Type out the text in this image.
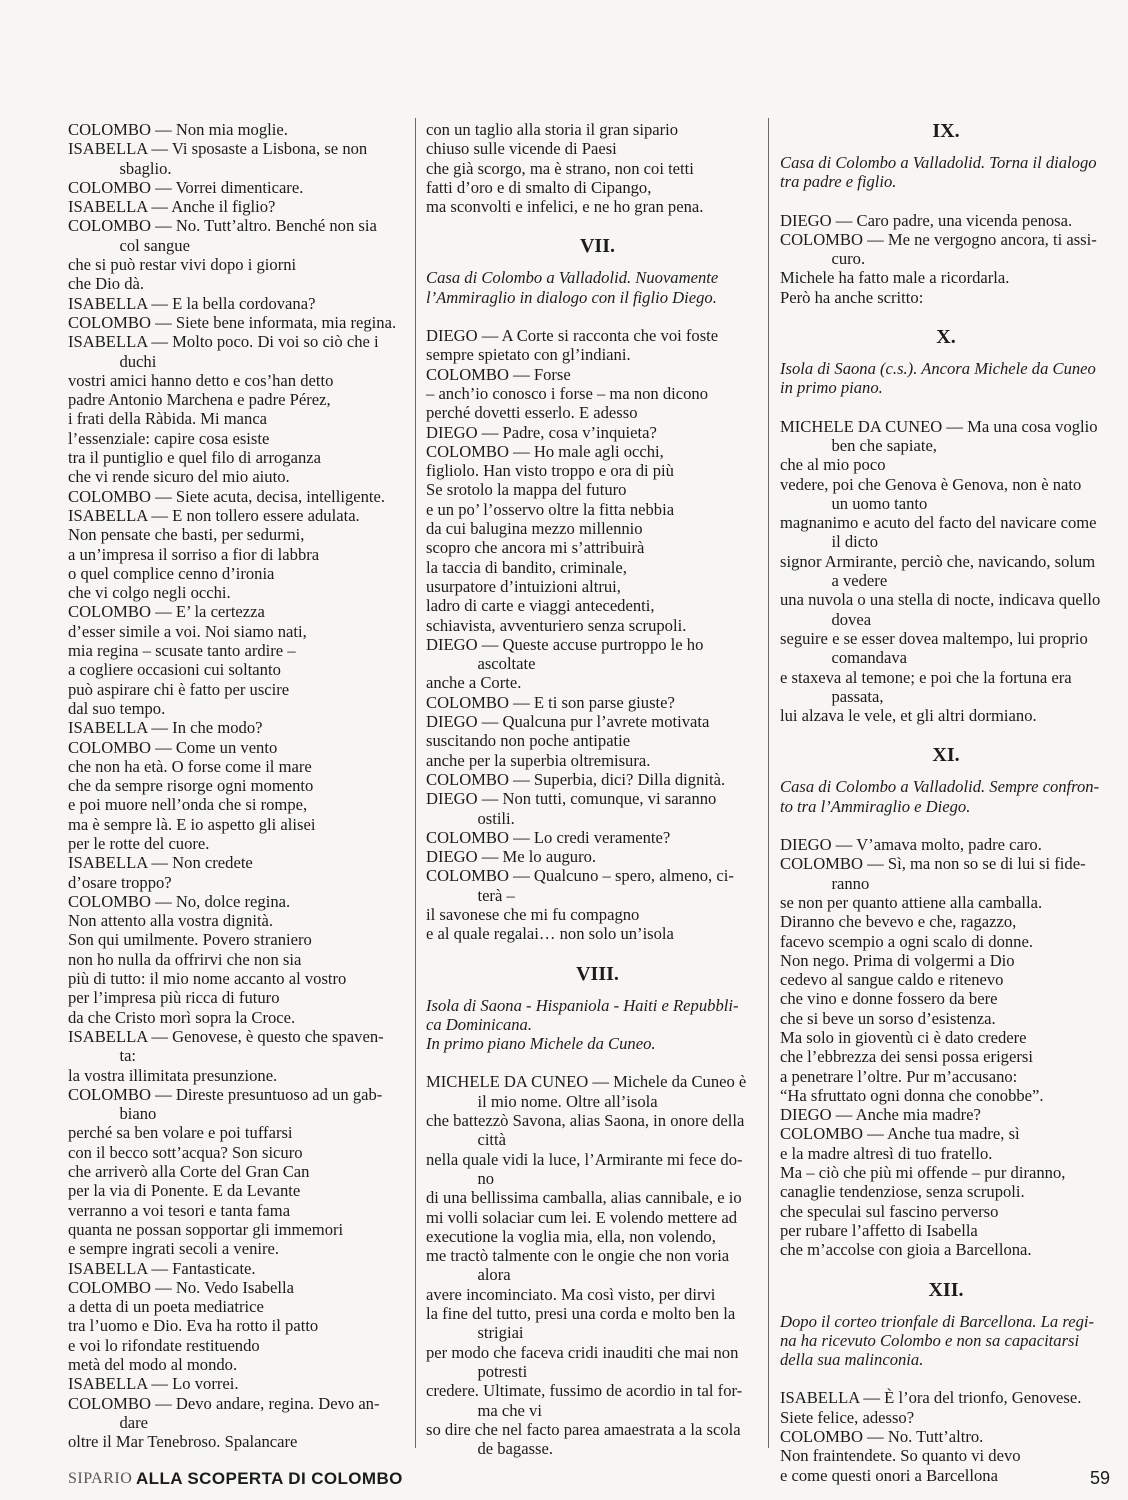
COLOMBO — Non mia moglie.
ISABELLA — Vi sposaste a Lisbona, se non
sbaglio.
COLOMBO — Vorrei dimenticare.
ISABELLA — Anche il figlio?
COLOMBO — No. Tutt’altro. Benché non sia
col sangue
che si può restar vivi dopo i giorni
che Dio dà.
ISABELLA — E la bella cordovana?
COLOMBO — Siete bene informata, mia regina.
ISABELLA — Molto poco. Di voi so ciò che i
duchi
vostri amici hanno detto e cos’han detto
padre Antonio Marchena e padre Pérez,
i frati della Ràbida. Mi manca
l’essenziale: capire cosa esiste
tra il puntiglio e quel filo di arroganza
che vi rende sicuro del mio aiuto.
COLOMBO — Siete acuta, decisa, intelligente.
ISABELLA — E non tollero essere adulata.
Non pensate che basti, per sedurmi,
a un’impresa il sorriso a fior di labbra
o quel complice cenno d’ironia
che vi colgo negli occhi.
COLOMBO — E’ la certezza
d’esser simile a voi. Noi siamo nati,
mia regina – scusate tanto ardire –
a cogliere occasioni cui soltanto
può aspirare chi è fatto per uscire
dal suo tempo.
ISABELLA — In che modo?
COLOMBO — Come un vento
che non ha età. O forse come il mare
che da sempre risorge ogni momento
e poi muore nell’onda che si rompe,
ma è sempre là. E io aspetto gli alisei
per le rotte del cuore.
ISABELLA — Non credete
d’osare troppo?
COLOMBO — No, dolce regina.
Non attento alla vostra dignità.
Son qui umilmente. Povero straniero
non ho nulla da offrirvi che non sia
più di tutto: il mio nome accanto al vostro
per l’impresa più ricca di futuro
da che Cristo morì sopra la Croce.
ISABELLA — Genovese, è questo che spaven-
ta:
la vostra illimitata presunzione.
COLOMBO — Direste presuntuoso ad un gab-
biano
perché sa ben volare e poi tuffarsi
con il becco sott’acqua? Son sicuro
che arriverò alla Corte del Gran Can
per la via di Ponente. E da Levante
verranno a voi tesori e tanta fama
quanta ne possan sopportar gli immemori
e sempre ingrati secoli a venire.
ISABELLA — Fantasticate.
COLOMBO — No. Vedo Isabella
a detta di un poeta mediatrice
tra l’uomo e Dio. Eva ha rotto il patto
e voi lo rifondate restituendo
metà del modo al mondo.
ISABELLA — Lo vorrei.
COLOMBO — Devo andare, regina. Devo an-
dare
oltre il Mar Tenebroso. Spalancare
con un taglio alla storia il gran sipario
chiuso sulle vicende di Paesi
che già scorgo, ma è strano, non coi tetti
fatti d’oro e di smalto di Cipango,
ma sconvolti e infelici, e ne ho gran pena.
VII.
Casa di Colombo a Valladolid. Nuovamente
l’Ammiraglio in dialogo con il figlio Diego.
DIEGO — A Corte si racconta che voi foste
sempre spietato con gl’indiani.
COLOMBO — Forse
– anch’io conosco i forse – ma non dicono
perché dovetti esserlo. E adesso
DIEGO — Padre, cosa v’inquieta?
COLOMBO — Ho male agli occhi,
figliolo. Han visto troppo e ora di più
Se srotolo la mappa del futuro
e un po’ l’osservo oltre la fitta nebbia
da cui balugina mezzo millennio
scopro che ancora mi s’attribuirà
la taccia di bandito, criminale,
usurpatore d’intuizioni altrui,
ladro di carte e viaggi antecedenti,
schiavista, avventuriero senza scrupoli.
DIEGO — Queste accuse purtroppo le ho
ascoltate
anche a Corte.
COLOMBO — E ti son parse giuste?
DIEGO — Qualcuna pur l’avrete motivata
suscitando non poche antipatie
anche per la superbia oltremisura.
COLOMBO — Superbia, dici? Dilla dignità.
DIEGO — Non tutti, comunque, vi saranno
ostili.
COLOMBO — Lo credi veramente?
DIEGO — Me lo auguro.
COLOMBO — Qualcuno – spero, almeno, ci-
terà –
il savonese che mi fu compagno
e al quale regalai… non solo un’isola
VIII.
Isola di Saona - Hispaniola - Haiti e Repubbli-
ca Dominicana.
In primo piano Michele da Cuneo.
MICHELE DA CUNEO — Michele da Cuneo è
il mio nome. Oltre all’isola
che battezzò Savona, alias Saona, in onore della
città
nella quale vidi la luce, l’Armirante mi fece do-
no
di una bellissima camballa, alias cannibale, e io
mi volli solaciar cum lei. E volendo mettere ad
executione la voglia mia, ella, non volendo,
me tractò talmente con le ongie che non voria
alora
avere incominciato. Ma così visto, per dirvi
la fine del tutto, presi una corda e molto ben la
strigiai
per modo che faceva cridi inauditi che mai non
potresti
credere. Ultimate, fussimo de acordio in tal for-
ma che vi
so dire che nel facto parea amaestrata a la scola
de bagasse.
IX.
Casa di Colombo a Valladolid. Torna il dialogo
tra padre e figlio.
DIEGO — Caro padre, una vicenda penosa.
COLOMBO — Me ne vergogno ancora, ti assi-
curo.
Michele ha fatto male a ricordarla.
Però ha anche scritto:
X.
Isola di Saona (c.s.). Ancora Michele da Cuneo
in primo piano.
MICHELE DA CUNEO — Ma una cosa voglio
ben che sapiate,
che al mio poco
vedere, poi che Genova è Genova, non è nato
un uomo tanto
magnanimo e acuto del facto del navicare come
il dicto
signor Armirante, perciò che, navicando, solum
a vedere
una nuvola o una stella di nocte, indicava quello
dovea
seguire e se esser dovea maltempo, lui proprio
comandava
e staxeva al temone; e poi che la fortuna era
passata,
lui alzava le vele, et gli altri dormiano.
XI.
Casa di Colombo a Valladolid. Sempre confron-
to tra l’Ammiraglio e Diego.
DIEGO — V’amava molto, padre caro.
COLOMBO — Sì, ma non so se di lui si fide-
ranno
se non per quanto attiene alla camballa.
Diranno che bevevo e che, ragazzo,
facevo scempio a ogni scalo di donne.
Non nego. Prima di volgermi a Dio
cedevo al sangue caldo e ritenevo
che vino e donne fossero da bere
che si beve un sorso d’esistenza.
Ma solo in gioventù ci è dato credere
che l’ebbrezza dei sensi possa erigersi
a penetrare l’oltre. Pur m’accusano:
“Ha sfruttato ogni donna che conobbe”.
DIEGO — Anche mia madre?
COLOMBO — Anche tua madre, sì
e la madre altresì di tuo fratello.
Ma – ciò che più mi offende – pur diranno,
canaglie tendenziose, senza scrupoli.
che speculai sul fascino perverso
per rubare l’affetto di Isabella
che m’accolse con gioia a Barcellona.
XII.
Dopo il corteo trionfale di Barcellona. La regi-
na ha ricevuto Colombo e non sa capacitarsi
della sua malinconia.
ISABELLA — È l’ora del trionfo, Genovese.
Siete felice, adesso?
COLOMBO — No. Tutt’altro.
Non fraintendete. So quanto vi devo
e come questi onori a Barcellona
SIPARIO ALLA SCOPERTA DI COLOMBO	59
